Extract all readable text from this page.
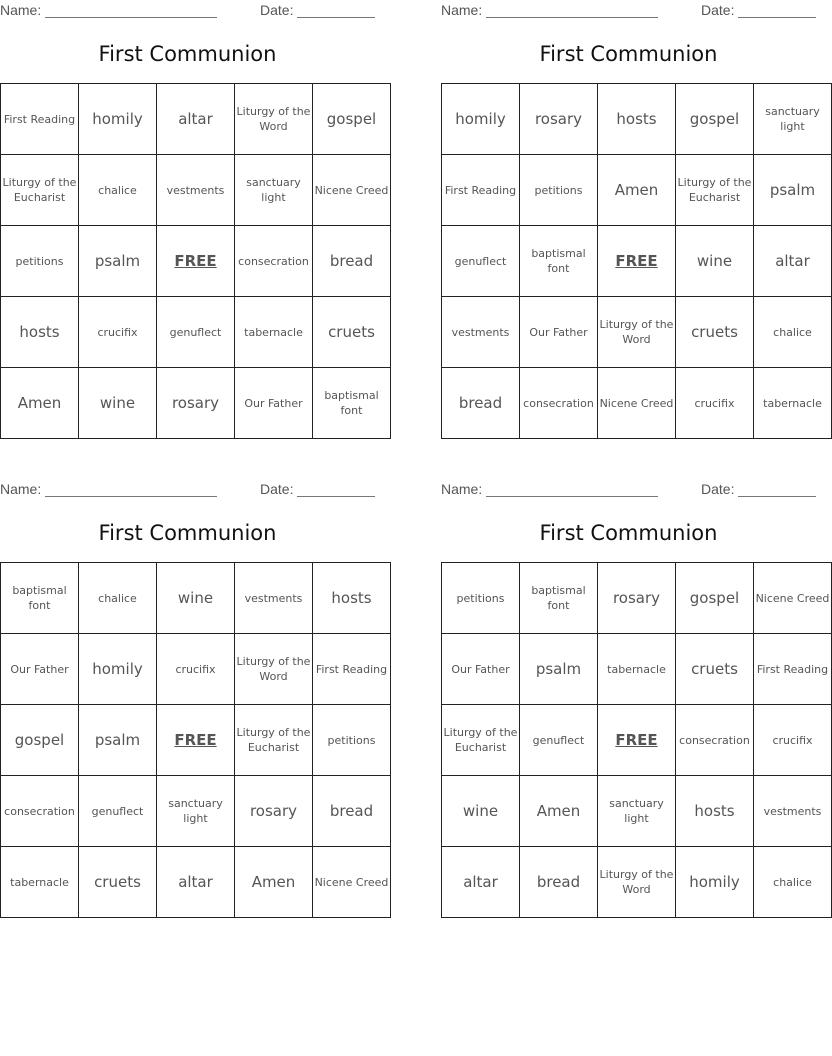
Name:	Date:
First Communion
First Reading	homily	altar	Liturgy of the Word	gospel
Liturgy of the Eucharist	chalice	vestments	sanctuary light	Nicene Creed
petitions	psalm	FREE	consecration	bread
hosts	crucifix	genuflect	tabernacle	cruets
Amen	wine	rosary	Our Father	baptismal font
Name:	Date:
First Communion
homily	rosary	hosts	gospel	sanctuary light
First Reading	petitions	Amen	Liturgy of the Eucharist	psalm
genuflect	baptismal font	FREE	wine	altar
vestments	Our Father	Liturgy of the Word	cruets	chalice
bread	consecration	Nicene Creed	crucifix	tabernacle
Name:	Date:
First Communion
baptismal font	chalice	wine	vestments	hosts
Our Father	homily	crucifix	Liturgy of the Word	First Reading
gospel	psalm	FREE	Liturgy of the Eucharist	petitions
consecration	genuflect	sanctuary light	rosary	bread
tabernacle	cruets	altar	Amen	Nicene Creed
Name:	Date:
First Communion
petitions	baptismal font	rosary	gospel	Nicene Creed
Our Father	psalm	tabernacle	cruets	First Reading
Liturgy of the Eucharist	genuflect	FREE	consecration	crucifix
wine	Amen	sanctuary light	hosts	vestments
altar	bread	Liturgy of the Word	homily	chalice
